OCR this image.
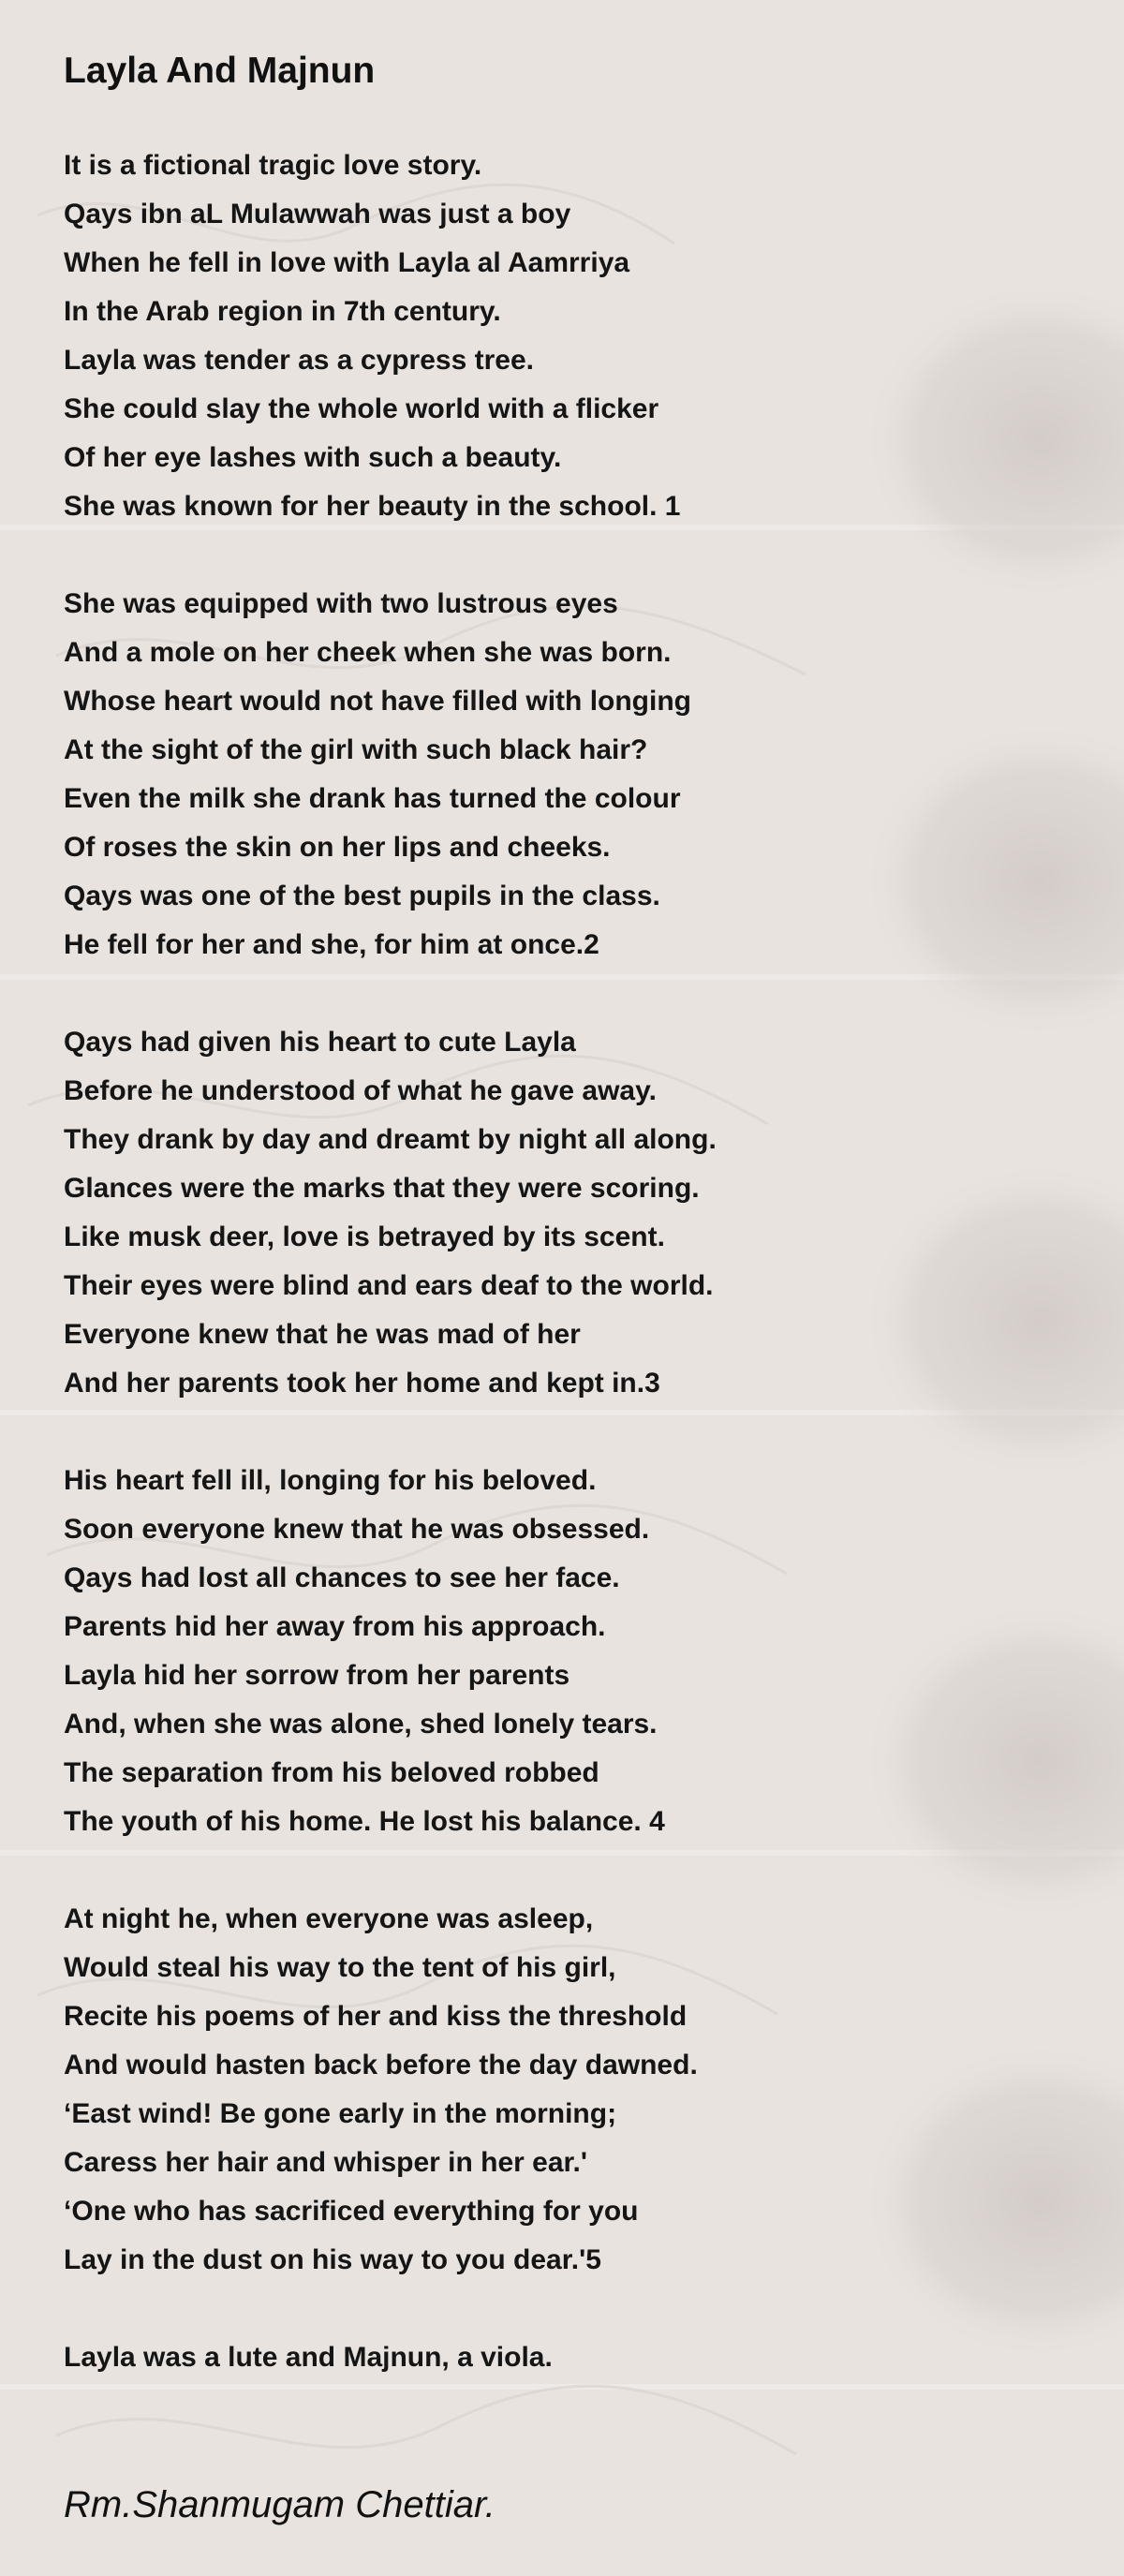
Layla And Majnun
It is a fictional tragic love story.
Qays ibn aL Mulawwah was just a boy
When he fell in love with Layla al Aamrriya
In the Arab region in 7th century.
Layla was tender as a cypress tree.
She could slay the whole world with a flicker
Of her eye lashes with such a beauty.
She was known for her beauty in the school. 1
She was equipped with two lustrous eyes
And a mole on her cheek when she was born.
Whose heart would not have filled with longing
At the sight of the girl with such black hair?
Even the milk she drank has turned the colour
Of roses the skin on her lips and cheeks.
Qays was one of the best pupils in the class.
He fell for her and she, for him at once.2
Qays had given his heart to cute Layla
Before he understood of what he gave away.
They drank by day and dreamt by night all along.
Glances were the marks that they were scoring.
Like musk deer, love is betrayed by its scent.
Their eyes were blind and ears deaf to the world.
Everyone knew that he was mad of her
And her parents took her home and kept in.3
His heart fell ill, longing for his beloved.
Soon everyone knew that he was obsessed.
Qays had lost all chances to see her face.
Parents hid her away from his approach.
Layla hid her sorrow from her parents
And, when she was alone, shed lonely tears.
The separation from his beloved robbed
The youth of his home. He lost his balance. 4
At night he, when everyone was asleep,
Would steal his way to the tent of his girl,
Recite his poems of her and kiss the threshold
And would hasten back before the day dawned.
‘East wind! Be gone early in the morning;
Caress her hair and whisper in her ear.'
‘One who has sacrificed everything for you
Lay in the dust on his way to you dear.'5
Layla was a lute and Majnun, a viola.

Rm.Shanmugam Chettiar.
